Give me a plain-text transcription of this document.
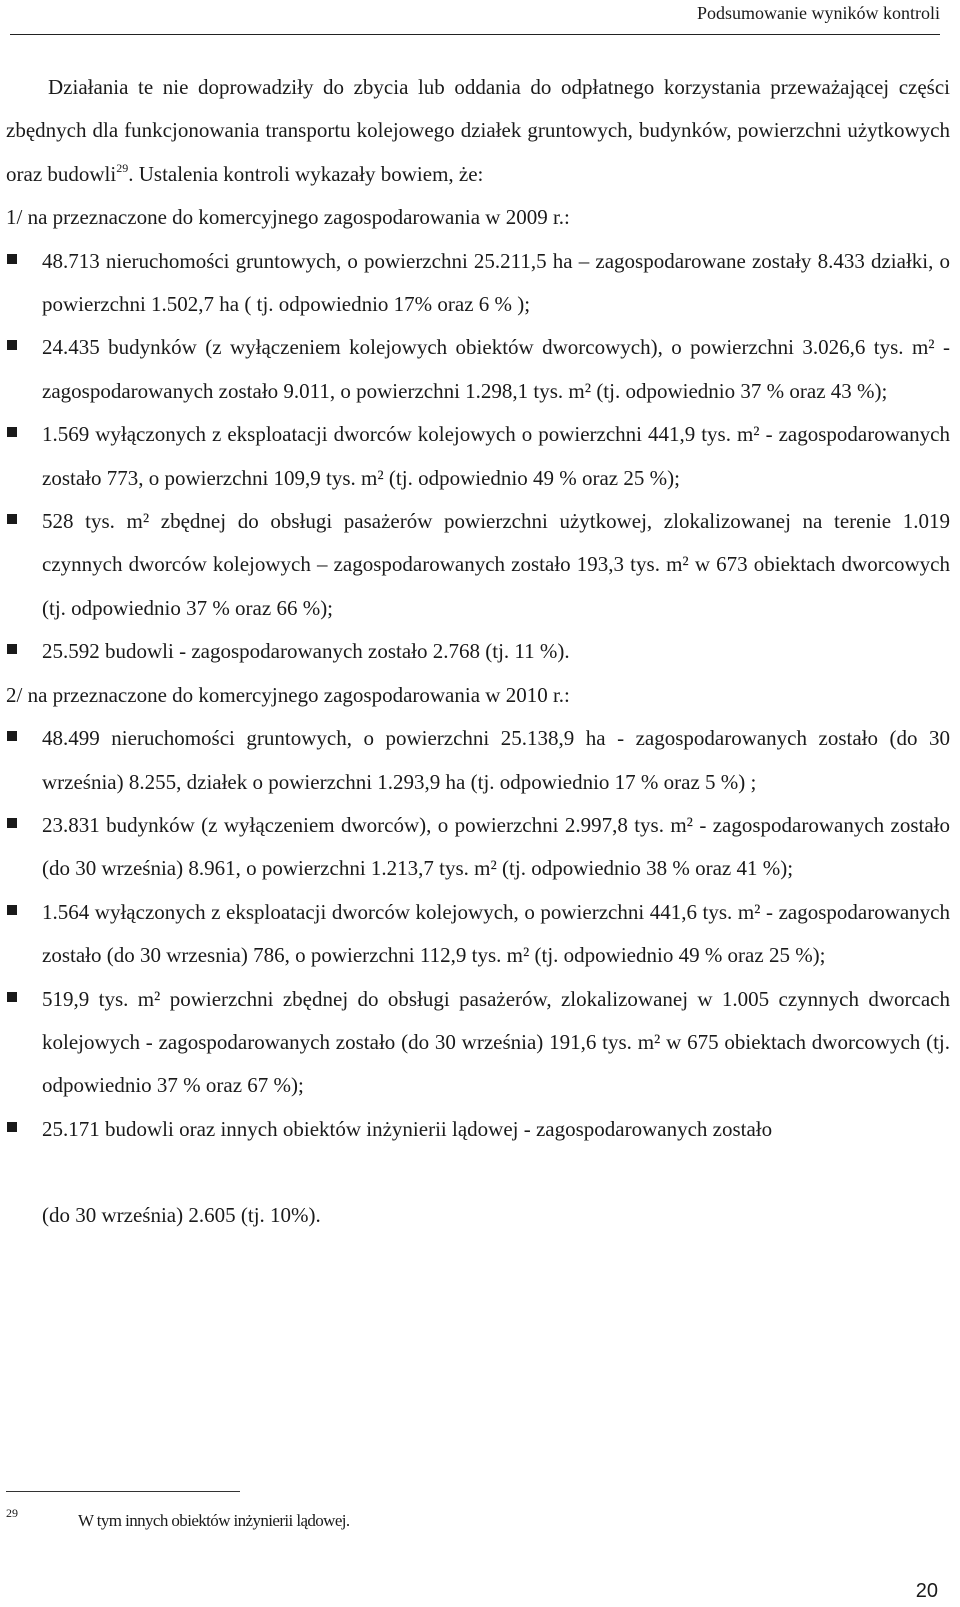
Podsumowanie wyników kontroli

Działania te nie doprowadziły do zbycia lub oddania do odpłatnego korzystania przeważającej części zbędnych dla funkcjonowania transportu kolejowego działek gruntowych, budynków, powierzchni użytkowych oraz budowli$^{29}$. Ustalenia kontroli wykazały bowiem, że:

1/ na przeznaczone do komercyjnego zagospodarowania w 2009 r.:

48.713 nieruchomości gruntowych, o powierzchni 25.211,5 ha – zagospodarowane zostały 8.433 działki, o powierzchni 1.502,7 ha ( tj. odpowiednio 17% oraz 6 % );

24.435 budynków (z wyłączeniem kolejowych obiektów dworcowych), o powierzchni 3.026,6 tys. m² - zagospodarowanych zostało 9.011, o powierzchni 1.298,1 tys. m² (tj. odpowiednio 37 % oraz 43 %);

1.569 wyłączonych z eksploatacji dworców kolejowych o powierzchni 441,9 tys. m² - zagospodarowanych zostało 773, o powierzchni 109,9 tys. m² (tj. odpowiednio 49 % oraz 25 %);

528 tys. m² zbędnej do obsługi pasażerów powierzchni użytkowej, zlokalizowanej na terenie 1.019 czynnych dworców kolejowych – zagospodarowanych zostało 193,3 tys. m² w 673 obiektach dworcowych (tj. odpowiednio 37 % oraz 66 %);

25.592 budowli - zagospodarowanych zostało 2.768 (tj. 11 %).

2/ na przeznaczone do komercyjnego zagospodarowania w 2010 r.:

48.499 nieruchomości gruntowych, o powierzchni 25.138,9 ha - zagospodarowanych zostało (do 30 września) 8.255, działek o powierzchni 1.293,9 ha (tj. odpowiednio 17 % oraz 5 %) ;

23.831 budynków (z wyłączeniem dworców), o powierzchni 2.997,8 tys. m² - zagospodarowanych zostało (do 30 września) 8.961, o powierzchni 1.213,7 tys. m² (tj. odpowiednio 38 % oraz 41 %);

1.564 wyłączonych z eksploatacji dworców kolejowych, o powierzchni 441,6 tys. m² - zagospodarowanych zostało (do 30 wrzesnia) 786, o powierzchni 112,9 tys. m² (tj. odpowiednio 49 % oraz 25 %);

519,9 tys. m² powierzchni zbędnej do obsługi pasażerów, zlokalizowanej w 1.005 czynnych dworcach kolejowych - zagospodarowanych zostało (do 30 września) 191,6 tys. m² w 675 obiektach dworcowych (tj. odpowiednio 37 % oraz 67 %);

25.171 budowli oraz innych obiektów inżynierii lądowej - zagospodarowanych zostało

(do 30 września) 2.605 (tj. 10%).

29	W tym innych obiektów inżynierii lądowej.
20
